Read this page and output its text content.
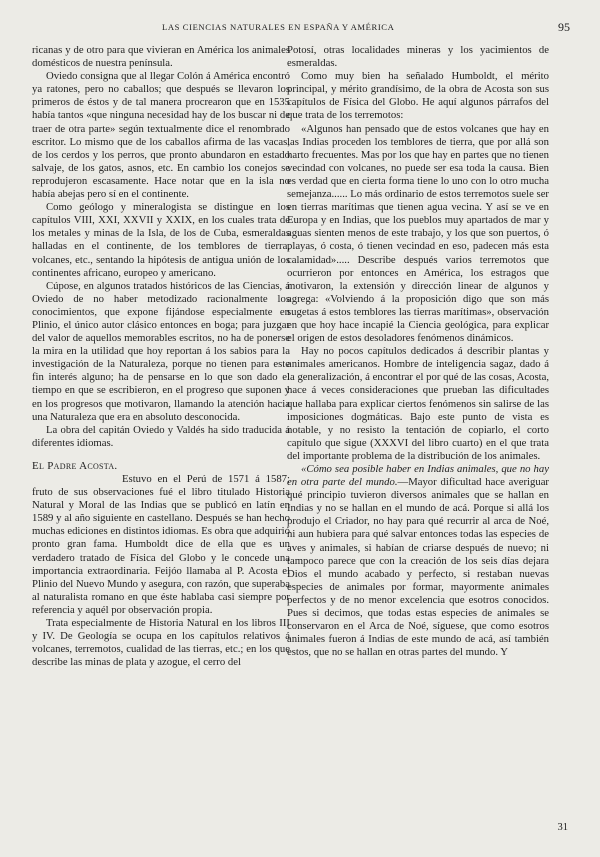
LAS CIENCIAS NATURALES EN ESPAÑA Y AMÉRICA	95

ricanas y de otro para que vivieran en América los animales domésticos de nuestra península.

Oviedo consigna que al llegar Colón á América encontró ya ratones, pero no caballos; que después se llevaron los primeros de éstos y de tal manera procrearon que en 1535 había tantos «que ninguna necesidad hay de los buscar ni de traer de otra parte» según textualmente dice el renombrado escritor. Lo mismo que de los caballos afirma de las vacas, de los cerdos y los perros, que pronto abundaron en estado salvaje, de los gatos, asnos, etc. En cambio los conejos se reprodujeron escasamente. Hace notar que en la isla no había abejas pero sí en el continente.

Como geólogo y mineralogista se distingue en los capítulos VIII, XXI, XXVII y XXIX, en los cuales trata de los metales y minas de la Isla, de los de Cuba, esmeraldas halladas en el continente, de los temblores de tierra, volcanes, etc., sentando la hipótesis de antigua unión de los continentes africano, europeo y americano.

Cúpose, en algunos tratados históricos de las Ciencias, á Oviedo de no haber metodizado racionalmente los conocimientos, que expone fijándose especialmente en Plinio, el único autor clásico entonces en boga; para juzgar del valor de aquellos memorables escritos, no ha de ponerse la mira en la utilidad que hoy reportan á los sabios para la investigación de la Naturaleza, porque no tienen para este fin interés alguno; ha de pensarse en lo que son dado el tiempo en que se escribieron, en el progreso que suponen y en los progresos que motivaron, llamando la atención hacia una Naturaleza que era en absoluto desconocida.

La obra del capitán Oviedo y Valdés ha sido traducida á diferentes idiomas.

El Padre Acosta.

Estuvo en el Perú de 1571 á 1587; fruto de sus observaciones fué el libro titulado Historia Natural y Moral de las Indias que se publicó en latín en 1589 y al año siguiente en castellano. Después se han hecho muchas ediciones en distintos idiomas. Es obra que adquirió pronto gran fama. Humboldt dice de ella que es un verdadero tratado de Física del Globo y le concede una importancia extraordinaria. Feijóo llamaba al P. Acosta el Plinio del Nuevo Mundo y asegura, con razón, que superaba al naturalista romano en que éste hablaba casi siempre por referencia y aquél por observación propia.

Trata especialmente de Historia Natural en los libros III y IV. De Geología se ocupa en los capítulos relativos á volcanes, terremotos, cualidad de las tierras, etc.; en los que describe las minas de plata y azogue, el cerro del

Potosí, otras localidades mineras y los yacimientos de esmeraldas.

Como muy bien ha señalado Humboldt, el mérito principal, y mérito grandísimo, de la obra de Acosta son sus capítulos de Física del Globo. He aquí algunos párrafos del que trata de los terremotos:

«Algunos han pensado que de estos volcanes que hay en las Indias proceden los temblores de tierra, que por allá son harto frecuentes. Mas por los que hay en partes que no tienen vecindad con volcanes, no puede ser esa toda la causa. Bien es verdad que en cierta forma tiene lo uno con lo otro mucha semejanza...... Lo más ordinario de estos terremotos suele ser en tierras marítimas que tienen agua vecina. Y así se ve en Europa y en Indias, que los pueblos muy apartados de mar y aguas sienten menos de este trabajo, y los que son puertos, ó playas, ó costa, ó tienen vecindad en eso, padecen más esta calamidad»..... Describe después varios terremotos que ocurrieron por entonces en América, los estragos que motivaron, la extensión y dirección linear de algunos y agrega: «Volviendo á la proposición digo que son más sugetas á estos temblores las tierras marítimas», observación en que hoy hace incapié la Ciencia geológica, para explicar el origen de estos desoladores fenómenos dinámicos.

Hay no pocos capítulos dedicados á describir plantas y animales americanos. Hombre de inteligencia sagaz, dado á la generalización, á encontrar el por qué de las cosas, Acosta, hace á veces consideraciones que prueban las dificultades que hallaba para explicar ciertos fenómenos sin salirse de las imposiciones dogmáticas. Bajo este punto de vista es notable, y no resisto la tentación de copiarlo, el corto capítulo que sigue (XXXVI del libro cuarto) en el que trata del importante problema de la distribución de los animales.

«Cómo sea posible haber en Indias animales, que no hay en otra parte del mundo.—Mayor dificultad hace averiguar qué principio tuvieron diversos animales que se hallan en Indias y no se hallan en el mundo de acá. Porque si allá los produjo el Criador, no hay para qué recurrir al arca de Noé, ni aun hubiera para qué salvar entonces todas las especies de aves y animales, si habían de criarse después de nuevo; ni tampoco parece que con la creación de los seis días dejara Dios el mundo acabado y perfecto, si restaban nuevas especies de animales por formar, mayormente animales perfectos y de no menor excelencia que esotros conocidos. Pues si decimos, que todas estas especies de animales se conservaron en el Arca de Noé, síguese, que como esotros animales fueron á Indias de este mundo de acá, así también estos, que no se hallan en otras partes del mundo. Y

31
